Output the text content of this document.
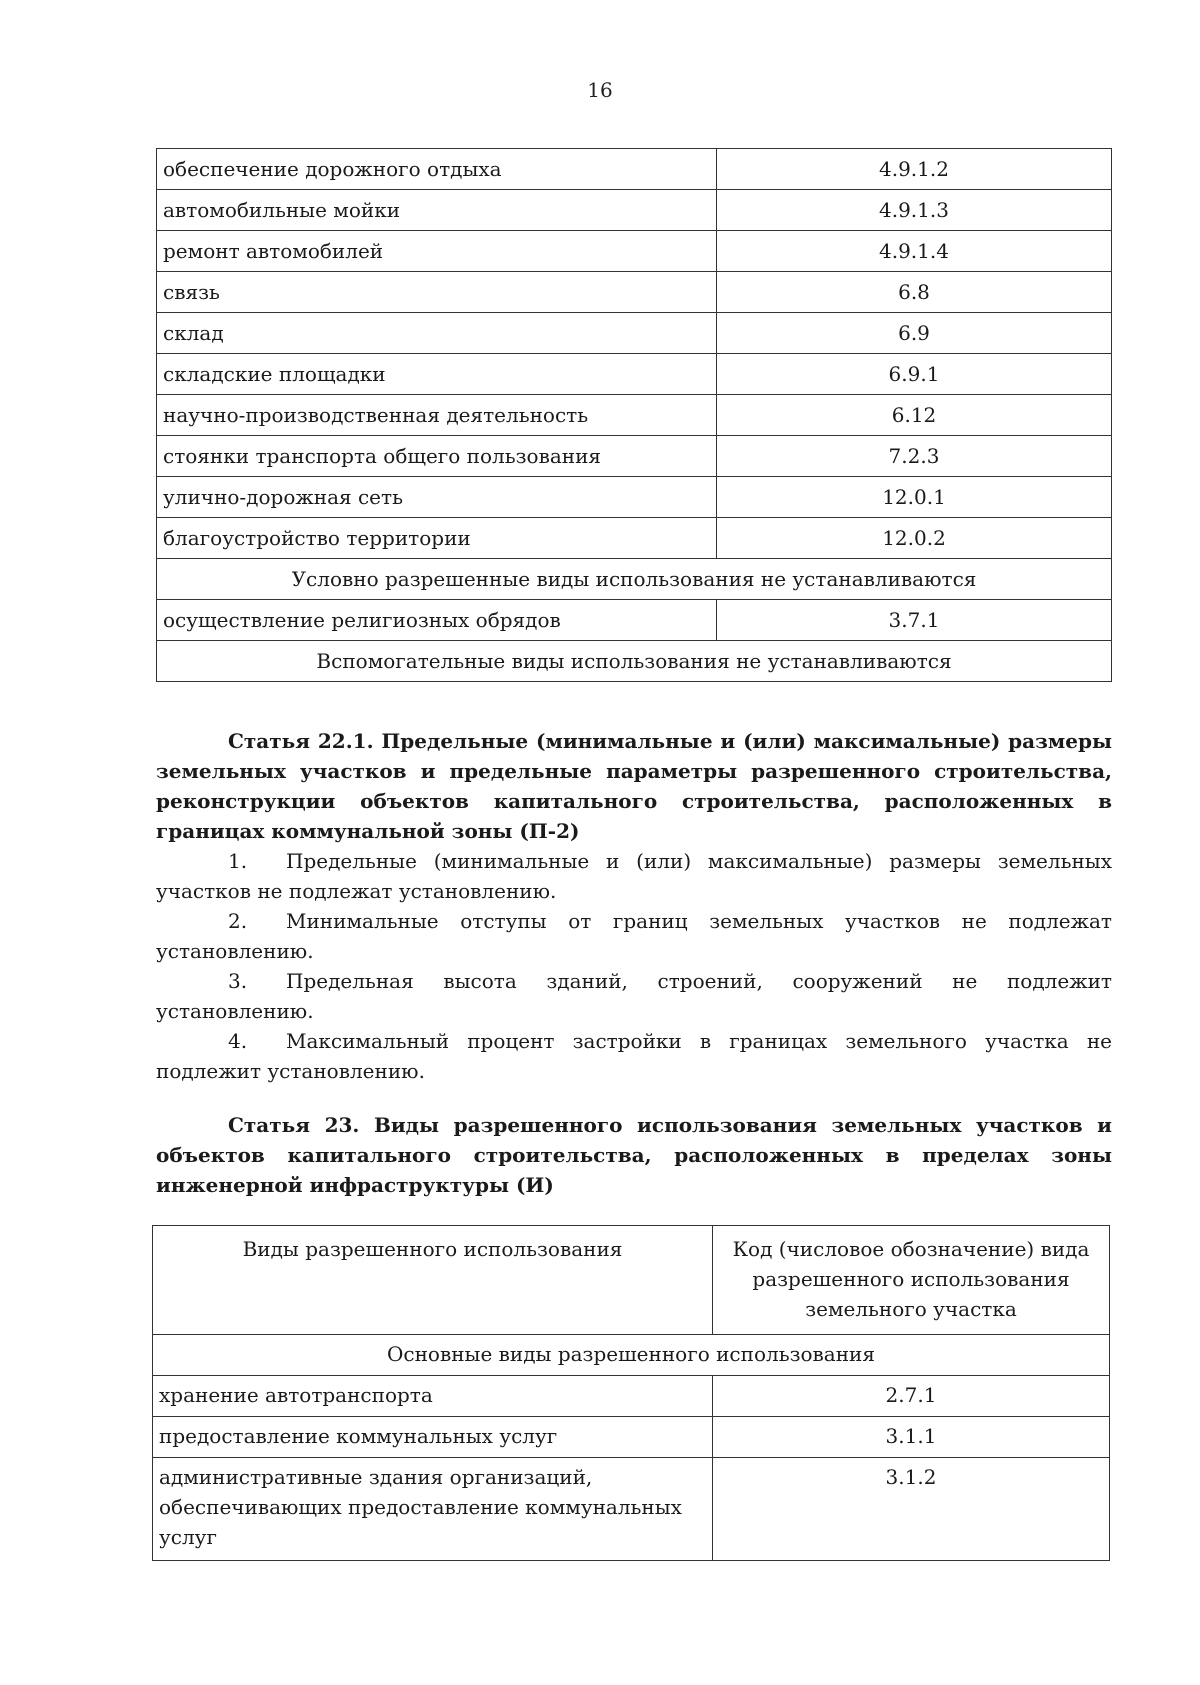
16
обеспечение дорожного отдыха	4.9.1.2
автомобильные мойки	4.9.1.3
ремонт автомобилей	4.9.1.4
связь	6.8
склад	6.9
складские площадки	6.9.1
научно-производственная деятельность	6.12
стоянки транспорта общего пользования	7.2.3
улично-дорожная сеть	12.0.1
благоустройство территории	12.0.2
Условно разрешенные виды использования не устанавливаются	
осуществление религиозных обрядов	3.7.1
Вспомогательные виды использования не устанавливаются	

Статья 22.1. Предельные (минимальные и (или) максимальные) размеры земельных участков и предельные параметры разрешенного строительства, реконструкции объектов капитального строительства, расположенных в границах коммунальной зоны (П-2)

1. Предельные (минимальные и (или) максимальные) размеры земельных участков не подлежат установлению.

2. Минимальные отступы от границ земельных участков не подлежат установлению.

3. Предельная высота зданий, строений, сооружений не подлежит установлению.

4. Максимальный процент застройки в границах земельного участка не подлежит установлению.

Статья 23. Виды разрешенного использования земельных участков и объектов капитального строительства, расположенных в пределах зоны инженерной инфраструктуры (И)

Виды разрешенного использования	Код (числовое обозначение) вида разрешенного использования земельного участка
Основные виды разрешенного использования	
хранение автотранспорта	2.7.1
предоставление коммунальных услуг	3.1.1
административные здания организаций, обеспечивающих предоставление коммунальных услуг	3.1.2
